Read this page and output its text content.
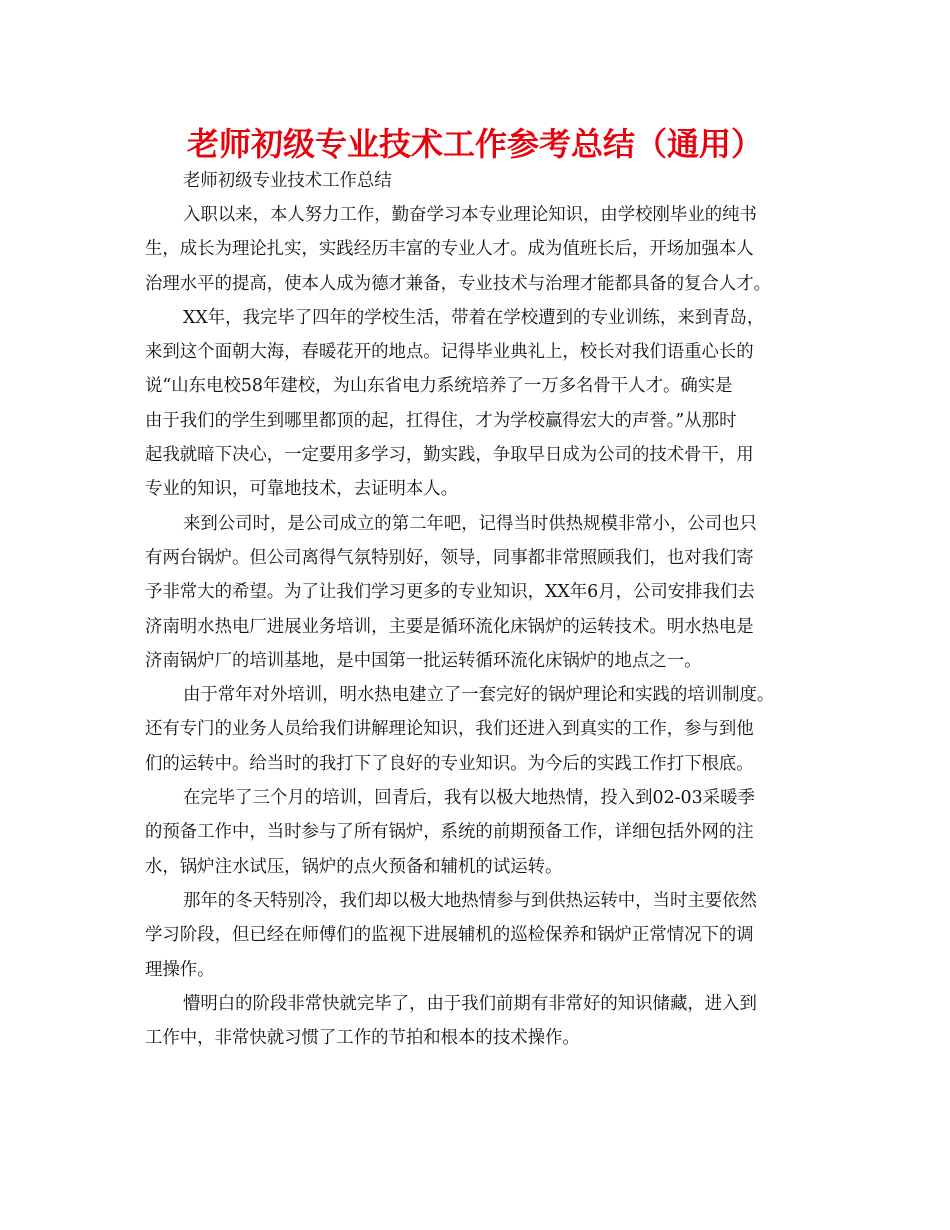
老师初级专业技术工作参考总结（通用）

老师初级专业技术工作总结

入职以来，本人努力工作，勤奋学习本专业理论知识，由学校刚毕业的纯书
生，成长为理论扎实，实践经历丰富的专业人才。成为值班长后，开场加强本人
治理水平的提高，使本人成为德才兼备，专业技术与治理才能都具备的复合人才。
XX年，我完毕了四年的学校生活，带着在学校遭到的专业训练，来到青岛，
来到这个面朝大海，春暖花开的地点。记得毕业典礼上，校长对我们语重心长的
说“山东电校58年建校，为山东省电力系统培养了一万多名骨干人才。确实是
由于我们的学生到哪里都顶的起，扛得住，才为学校赢得宏大的声誉。”从那时
起我就暗下决心，一定要用多学习，勤实践，争取早日成为公司的技术骨干，用
专业的知识，可靠地技术，去证明本人。
来到公司时，是公司成立的第二年吧，记得当时供热规模非常小，公司也只
有两台锅炉。但公司离得气氛特别好，领导，同事都非常照顾我们，也对我们寄
予非常大的希望。为了让我们学习更多的专业知识，XX年6月，公司安排我们去
济南明水热电厂进展业务培训，主要是循环流化床锅炉的运转技术。明水热电是
济南锅炉厂的培训基地，是中国第一批运转循环流化床锅炉的地点之一。
由于常年对外培训，明水热电建立了一套完好的锅炉理论和实践的培训制度。
还有专门的业务人员给我们讲解理论知识，我们还进入到真实的工作，参与到他
们的运转中。给当时的我打下了良好的专业知识。为今后的实践工作打下根底。
在完毕了三个月的培训，回青后，我有以极大地热情，投入到02-03采暖季
的预备工作中，当时参与了所有锅炉，系统的前期预备工作，详细包括外网的注
水，锅炉注水试压，锅炉的点火预备和辅机的试运转。
那年的冬天特别冷，我们却以极大地热情参与到供热运转中，当时主要依然
学习阶段，但已经在师傅们的监视下进展辅机的巡检保养和锅炉正常情况下的调
理操作。
懵明白的阶段非常快就完毕了，由于我们前期有非常好的知识储藏，进入到
工作中，非常快就习惯了工作的节拍和根本的技术操作。
